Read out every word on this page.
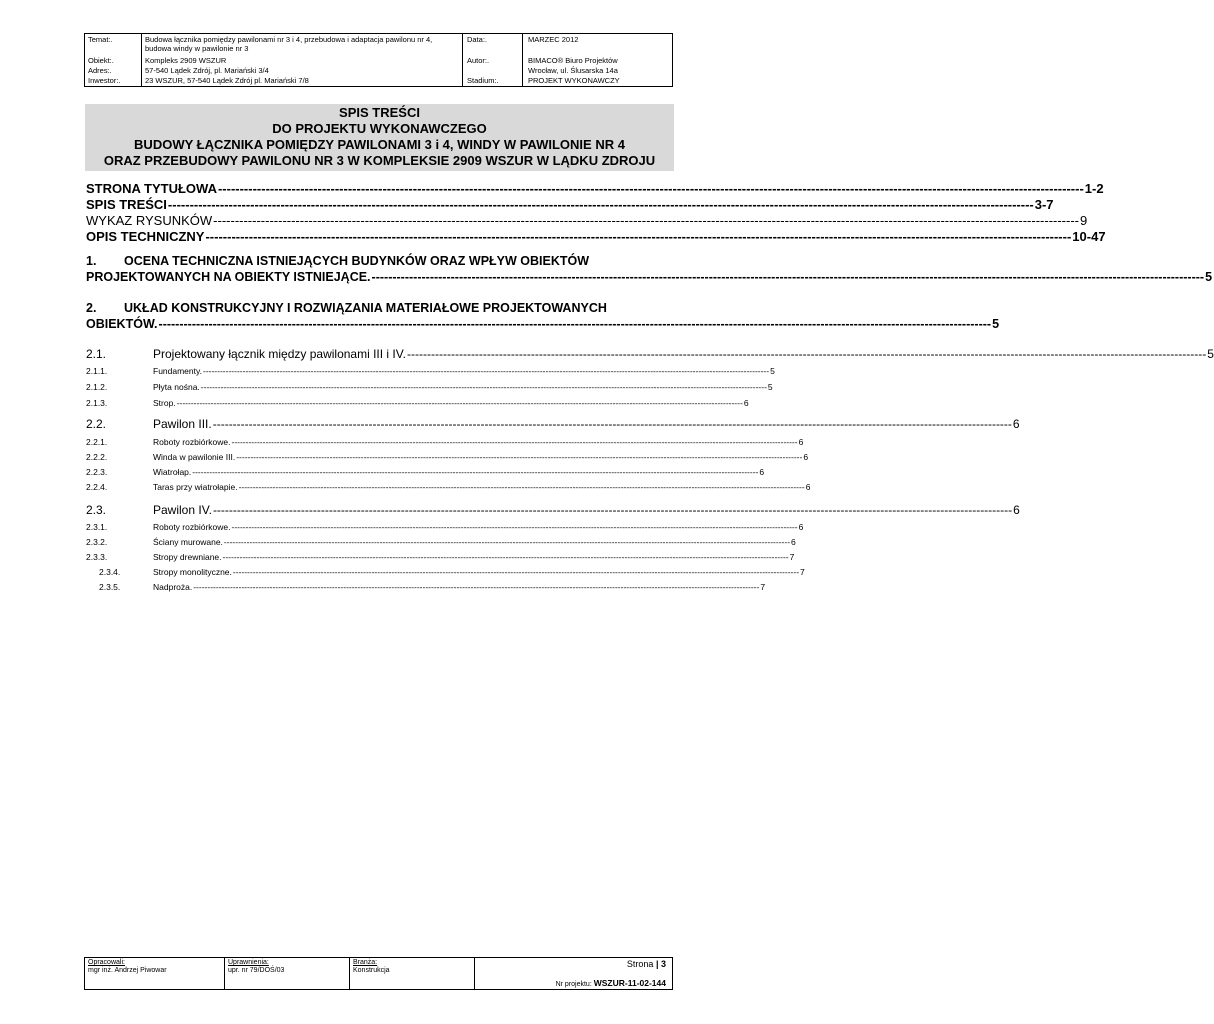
Temat:.	Budowa łącznika pomiędzy pawilonami nr 3 i 4, przebudowa i adaptacja pawilonu nr 4, budowa windy w pawilonie nr 3
Obiekt:.	Kompleks 2909 WSZUR
Adres:.	57-540 Lądek Zdrój, pl. Mariański 3/4
Inwestor:.	23 WSZUR, 57-540 Lądek Zdrój pl. Mariański 7/8
Data:.	MARZEC 2012
Autor:.	BIMACO® Biuro Projektów
Wrocław, ul. Ślusarska 14a
Stadium:.	PROJEKT WYKONAWCZY
SPIS TREŚCI
DO PROJEKTU WYKONAWCZEGO
BUDOWY ŁĄCZNIKA POMIĘDZY PAWILONAMI 3 i 4, WINDY W PAWILONIE NR 4
ORAZ PRZEBUDOWY PAWILONU NR 3 W KOMPLEKSIE 2909 WSZUR W LĄDKU ZDROJU
STRONA TYTUŁOWA -------------------------------------------------------------------------------------------------------------------------------------------------------------------------------------------------------- 1-2
SPIS TREŚCI -------------------------------------------------------------------------------------------------------------------------------------------------------------------------------------------------------- 3-7
WYKAZ RYSUNKÓW -------------------------------------------------------------------------------------------------------------------------------------------------------------------------------------------------------- 9
OPIS TECHNICZNY -------------------------------------------------------------------------------------------------------------------------------------------------------------------------------------------------------- 10-47
1. OCENA TECHNICZNA ISTNIEJĄCYCH BUDYNKÓW ORAZ WPŁYW OBIEKTÓW
PROJEKTOWANYCH NA OBIEKTY ISTNIEJĄCE. -------------------------------------------------------------------------------------------------------------------------------------------------------------------------------------------------------- 5
2. UKŁAD KONSTRUKCYJNY I ROZWIĄZANIA MATERIAŁOWE PROJEKTOWANYCH
OBIEKTÓW. -------------------------------------------------------------------------------------------------------------------------------------------------------------------------------------------------------- 5
2.1.	Projektowany łącznik między pawilonami III i IV. -------------------------------------------------------------------------------------------------------------------------------------------------------------------------------------------------------- 5
2.1.1.	Fundamenty. -------------------------------------------------------------------------------------------------------------------------------------------------------------------------------------------------------- 5
2.1.2.	Płyta nośna. -------------------------------------------------------------------------------------------------------------------------------------------------------------------------------------------------------- 5
2.1.3.	Strop. -------------------------------------------------------------------------------------------------------------------------------------------------------------------------------------------------------- 6
2.2.	Pawilon III. -------------------------------------------------------------------------------------------------------------------------------------------------------------------------------------------------------- 6
2.2.1.	Roboty rozbiórkowe. -------------------------------------------------------------------------------------------------------------------------------------------------------------------------------------------------------- 6
2.2.2.	Winda w pawilonie III. -------------------------------------------------------------------------------------------------------------------------------------------------------------------------------------------------------- 6
2.2.3.	Wiatrołap. -------------------------------------------------------------------------------------------------------------------------------------------------------------------------------------------------------- 6
2.2.4.	Taras przy wiatrołapie. -------------------------------------------------------------------------------------------------------------------------------------------------------------------------------------------------------- 6
2.3.	Pawilon IV. -------------------------------------------------------------------------------------------------------------------------------------------------------------------------------------------------------- 6
2.3.1.	Roboty rozbiórkowe. -------------------------------------------------------------------------------------------------------------------------------------------------------------------------------------------------------- 6
2.3.2.	Ściany murowane. -------------------------------------------------------------------------------------------------------------------------------------------------------------------------------------------------------- 6
2.3.3.	Stropy drewniane. -------------------------------------------------------------------------------------------------------------------------------------------------------------------------------------------------------- 7
2.3.4.	Stropy monolityczne. -------------------------------------------------------------------------------------------------------------------------------------------------------------------------------------------------------- 7
2.3.5.	Nadproża. -------------------------------------------------------------------------------------------------------------------------------------------------------------------------------------------------------- 7
Opracowali:
mgr inż. Andrzej Piwowar
Uprawnienia:
upr. nr 79/DOŚ/03
Branża:
Konstrukcja
Strona | 3
Nr projektu: WSZUR-11-02-144
